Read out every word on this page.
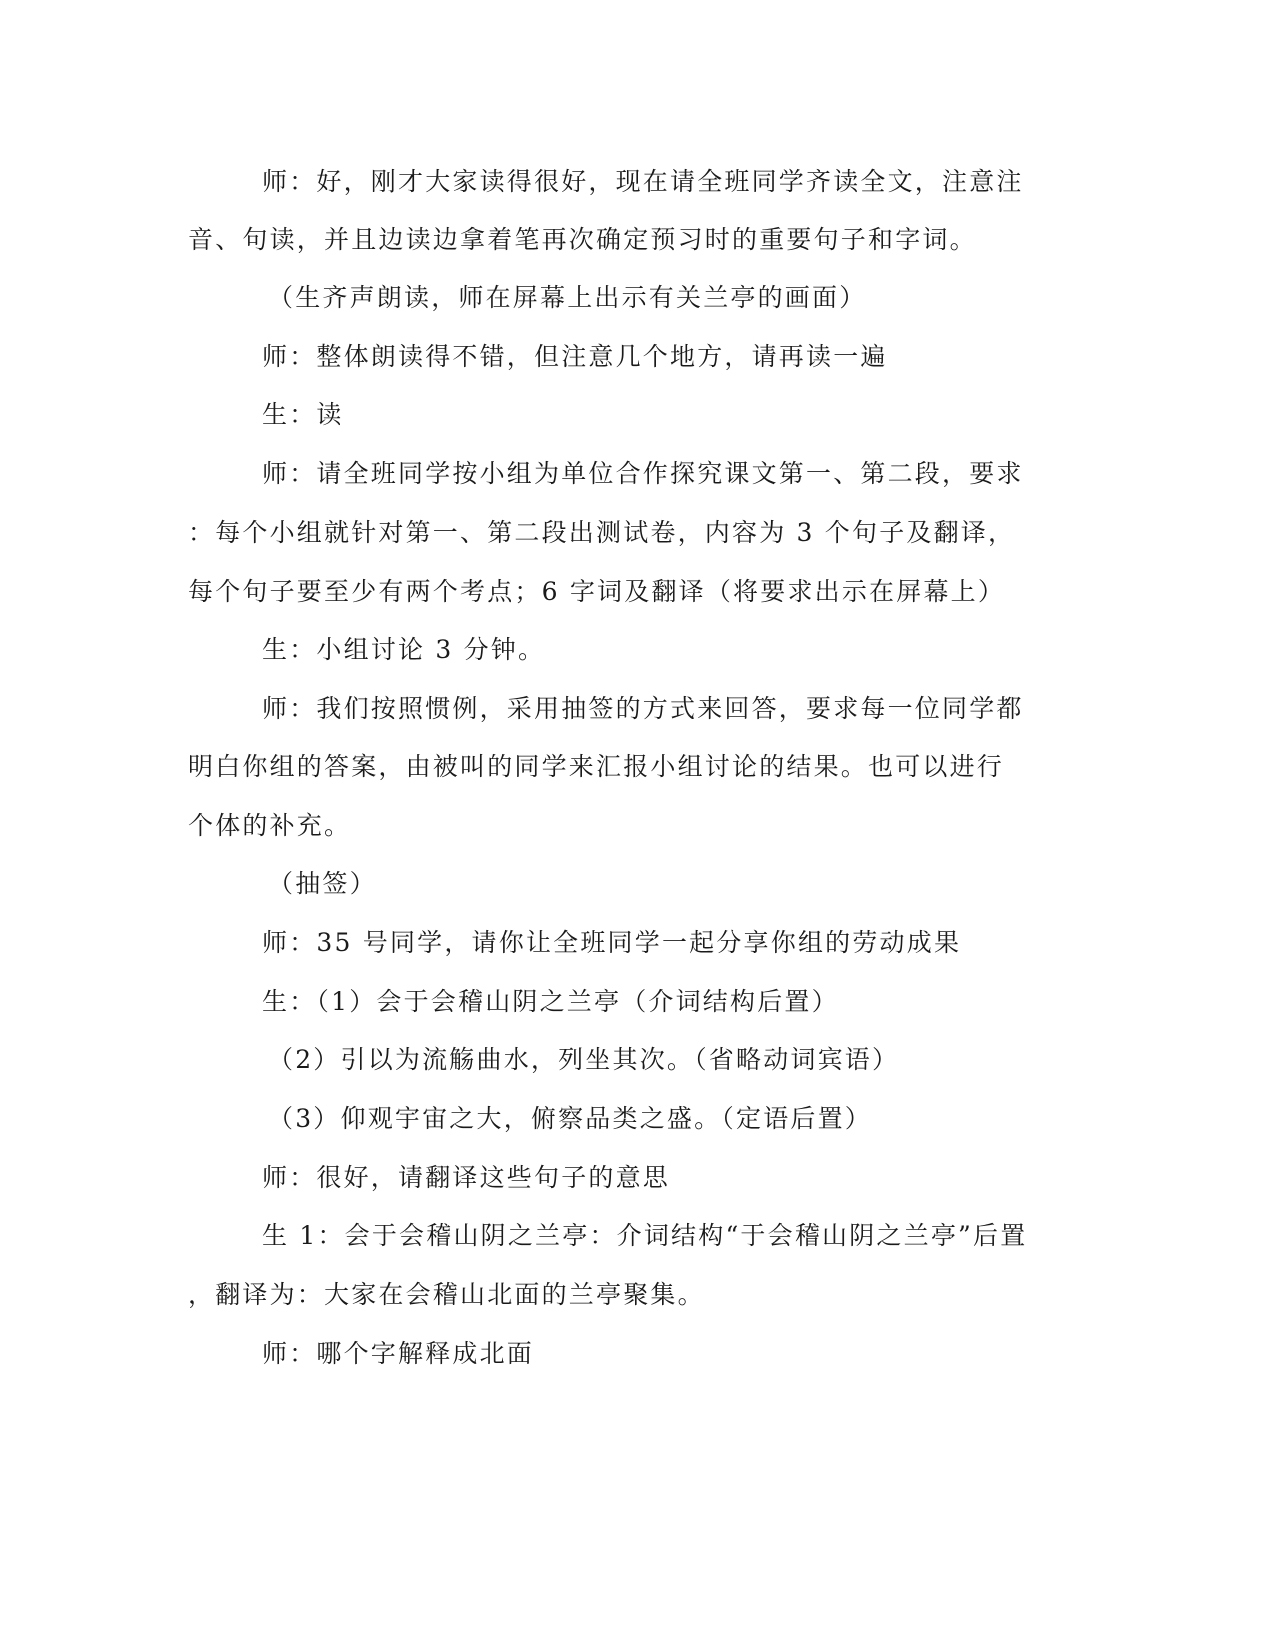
师：好，刚才大家读得很好，现在请全班同学齐读全文，注意注
音、句读，并且边读边拿着笔再次确定预习时的重要句子和字词。
（生齐声朗读，师在屏幕上出示有关兰亭的画面）
师：整体朗读得不错，但注意几个地方，请再读一遍
生：读
师：请全班同学按小组为单位合作探究课文第一、第二段，要求
：每个小组就针对第一、第二段出测试卷，内容为 3 个句子及翻译，
每个句子要至少有两个考点；6 字词及翻译（将要求出示在屏幕上）
生：小组讨论 3 分钟。
师：我们按照惯例，采用抽签的方式来回答，要求每一位同学都
明白你组的答案，由被叫的同学来汇报小组讨论的结果。也可以进行
个体的补充。
（抽签）
师：35 号同学，请你让全班同学一起分享你组的劳动成果
生：（1）会于会稽山阴之兰亭（介词结构后置）
（2）引以为流觞曲水，列坐其次。（省略动词宾语）
（3）仰观宇宙之大，俯察品类之盛。（定语后置）
师：很好，请翻译这些句子的意思
生 1：会于会稽山阴之兰亭：介词结构“于会稽山阴之兰亭”后置
，翻译为：大家在会稽山北面的兰亭聚集。
师：哪个字解释成北面
